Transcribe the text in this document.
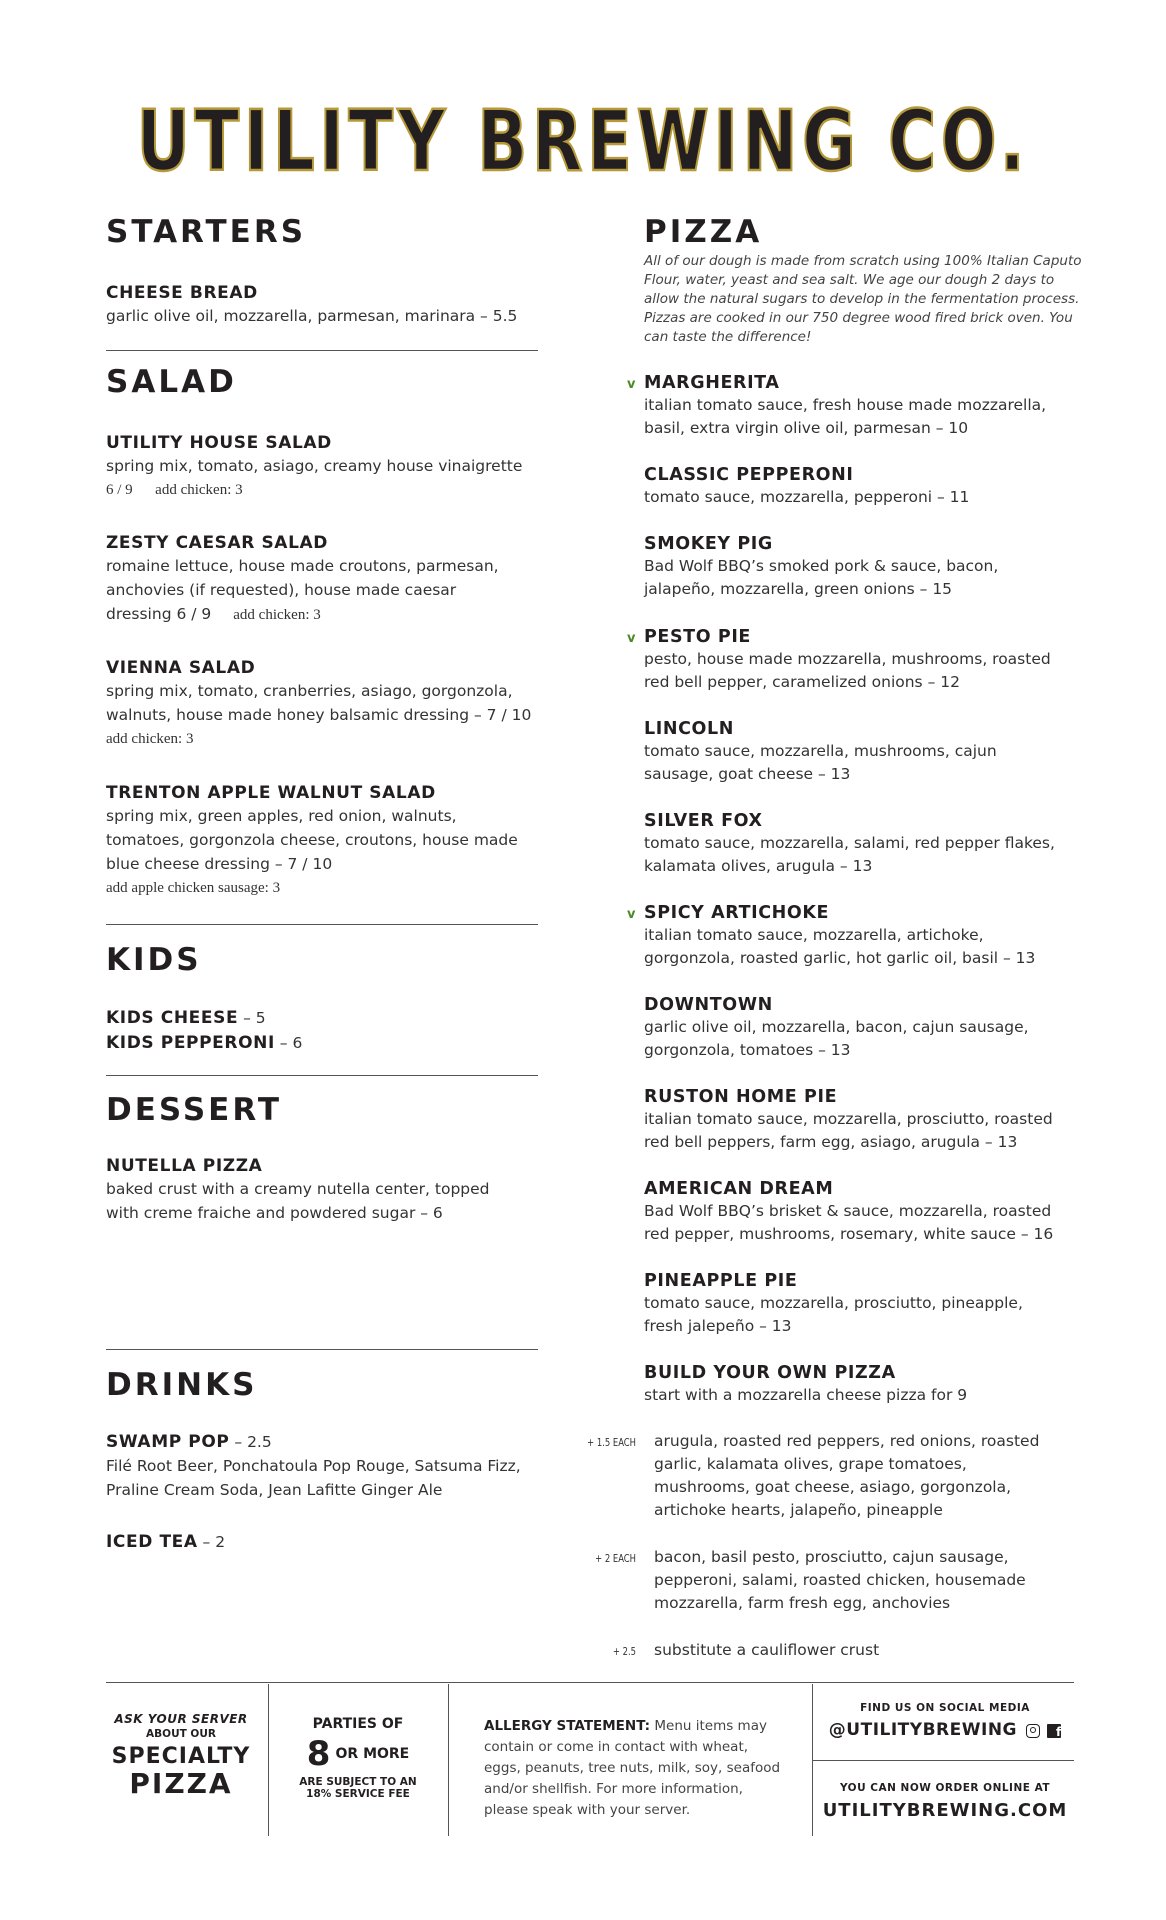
UTILITY BREWING CO.
STARTERS
CHEESE BREAD
garlic olive oil, mozzarella, parmesan, marinara – 5.5
SALAD
UTILITY HOUSE SALAD
spring mix, tomato, asiago, creamy house vinaigrette
6 / 9      add chicken: 3
ZESTY CAESAR SALAD
romaine lettuce, house made croutons, parmesan,
anchovies (if requested), house made caesar
dressing 6 / 9 add chicken: 3
VIENNA SALAD
spring mix, tomato, cranberries, asiago, gorgonzola,
walnuts, house made honey balsamic dressing – 7 / 10
add chicken: 3
TRENTON APPLE WALNUT SALAD
spring mix, green apples, red onion, walnuts,
tomatoes, gorgonzola cheese, croutons, house made
blue cheese dressing – 7 / 10
add apple chicken sausage: 3
KIDS
KIDS CHEESE – 5
KIDS PEPPERONI – 6
DESSERT
NUTELLA PIZZA
baked crust with a creamy nutella center, topped
with creme fraiche and powdered sugar – 6
DRINKS
SWAMP POP – 2.5
Filé Root Beer, Ponchatoula Pop Rouge, Satsuma Fizz,
Praline Cream Soda, Jean Lafitte Ginger Ale
ICED TEA – 2
PIZZA
All of our dough is made from scratch using 100% Italian Caputo
Flour, water, yeast and sea salt. We age our dough 2 days to
allow the natural sugars to develop in the fermentation process.
Pizzas are cooked in our 750 degree wood fired brick oven. You
can taste the difference!
v MARGHERITA
italian tomato sauce, fresh house made mozzarella,
basil, extra virgin olive oil, parmesan – 10
CLASSIC PEPPERONI
tomato sauce, mozzarella, pepperoni – 11
SMOKEY PIG
Bad Wolf BBQ’s smoked pork & sauce, bacon,
jalapeño, mozzarella, green onions – 15
v PESTO PIE
pesto, house made mozzarella, mushrooms, roasted
red bell pepper, caramelized onions – 12
LINCOLN
tomato sauce, mozzarella, mushrooms, cajun
sausage, goat cheese – 13
SILVER FOX
tomato sauce, mozzarella, salami, red pepper flakes,
kalamata olives, arugula – 13
v SPICY ARTICHOKE
italian tomato sauce, mozzarella, artichoke,
gorgonzola, roasted garlic, hot garlic oil, basil – 13
DOWNTOWN
garlic olive oil, mozzarella, bacon, cajun sausage,
gorgonzola, tomatoes – 13
RUSTON HOME PIE
italian tomato sauce, mozzarella, prosciutto, roasted
red bell peppers, farm egg, asiago, arugula – 13
AMERICAN DREAM
Bad Wolf BBQ’s brisket & sauce, mozzarella, roasted
red pepper, mushrooms, rosemary, white sauce – 16
PINEAPPLE PIE
tomato sauce, mozzarella, prosciutto, pineapple,
fresh jalepeño – 13
BUILD YOUR OWN PIZZA
start with a mozzarella cheese pizza for 9
+ 1.5 EACH arugula, roasted red peppers, red onions, roasted
garlic, kalamata olives, grape tomatoes,
mushrooms, goat cheese, asiago, gorgonzola,
artichoke hearts, jalapeño, pineapple
+ 2 EACH bacon, basil pesto, prosciutto, cajun sausage,
pepperoni, salami, roasted chicken, housemade
mozzarella, farm fresh egg, anchovies
+ 2.5 substitute a cauliflower crust
ASK YOUR SERVER
ABOUT OUR
SPECIALTY
PIZZA
PARTIES OF
8 OR MORE
ARE SUBJECT TO AN
18% SERVICE FEE
ALLERGY STATEMENT: Menu items may
contain or come in contact with wheat,
eggs, peanuts, tree nuts, milk, soy, seafood
and/or shellfish. For more information,
please speak with your server.
FIND US ON SOCIAL MEDIA
@UTILITYBREWING	f
YOU CAN NOW ORDER ONLINE AT
UTILITYBREWING.COM
